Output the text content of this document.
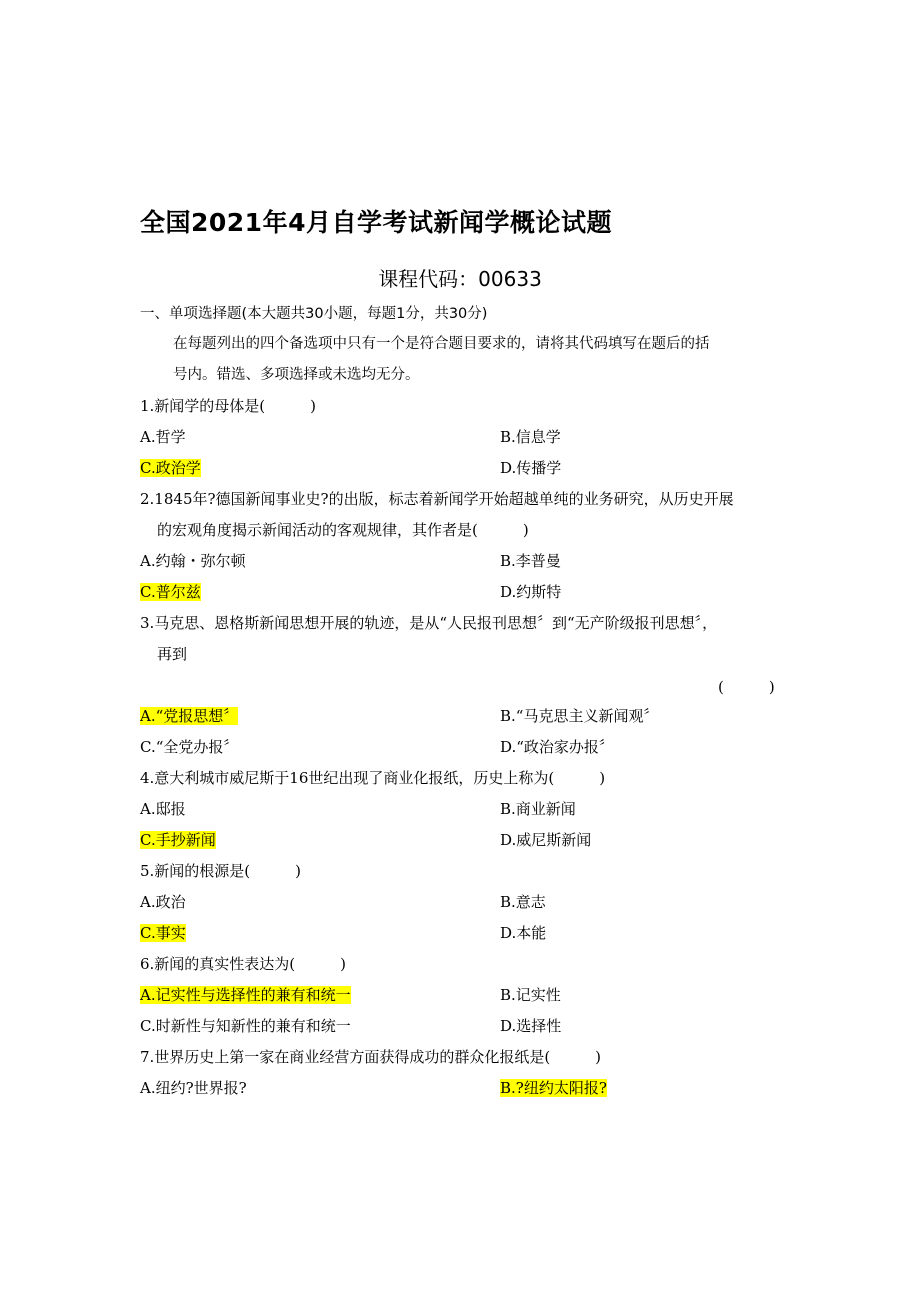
全国2021年4月自学考试新闻学概论试题
课程代码：00633
一、单项选择题(本大题共30小题，每题1分，共30分)
在每题列出的四个备选项中只有一个是符合题目要求的，请将其代码填写在题后的括
号内。错选、多项选择或未选均无分。
1.新闻学的母体是(　　　)
A.哲学	B.信息学
C.政治学	D.传播学
2.1845年?德国新闻事业史?的出版，标志着新闻学开始超越单纯的业务研究，从历史开展
的宏观角度揭示新闻活动的客观规律，其作者是(　　　)
A.约翰・弥尔顿	B.李普曼
C.普尔兹	D.约斯特
3.马克思、恩格斯新闻思想开展的轨迹，是从“人民报刊思想〞到“无产阶级报刊思想〞，
再到
(　　　)
A.“党报思想〞	B.“马克思主义新闻观〞
C.“全党办报〞	D.“政治家办报〞
4.意大利城市威尼斯于16世纪出现了商业化报纸，历史上称为(　　　)
A.邸报	B.商业新闻
C.手抄新闻	D.威尼斯新闻
5.新闻的根源是(　　　)
A.政治	B.意志
C.事实	D.本能
6.新闻的真实性表达为(　　　)
A.记实性与选择性的兼有和统一	B.记实性
C.时新性与知新性的兼有和统一	D.选择性
7.世界历史上第一家在商业经营方面获得成功的群众化报纸是(　　　)
A.纽约?世界报?	B.?纽约太阳报?
